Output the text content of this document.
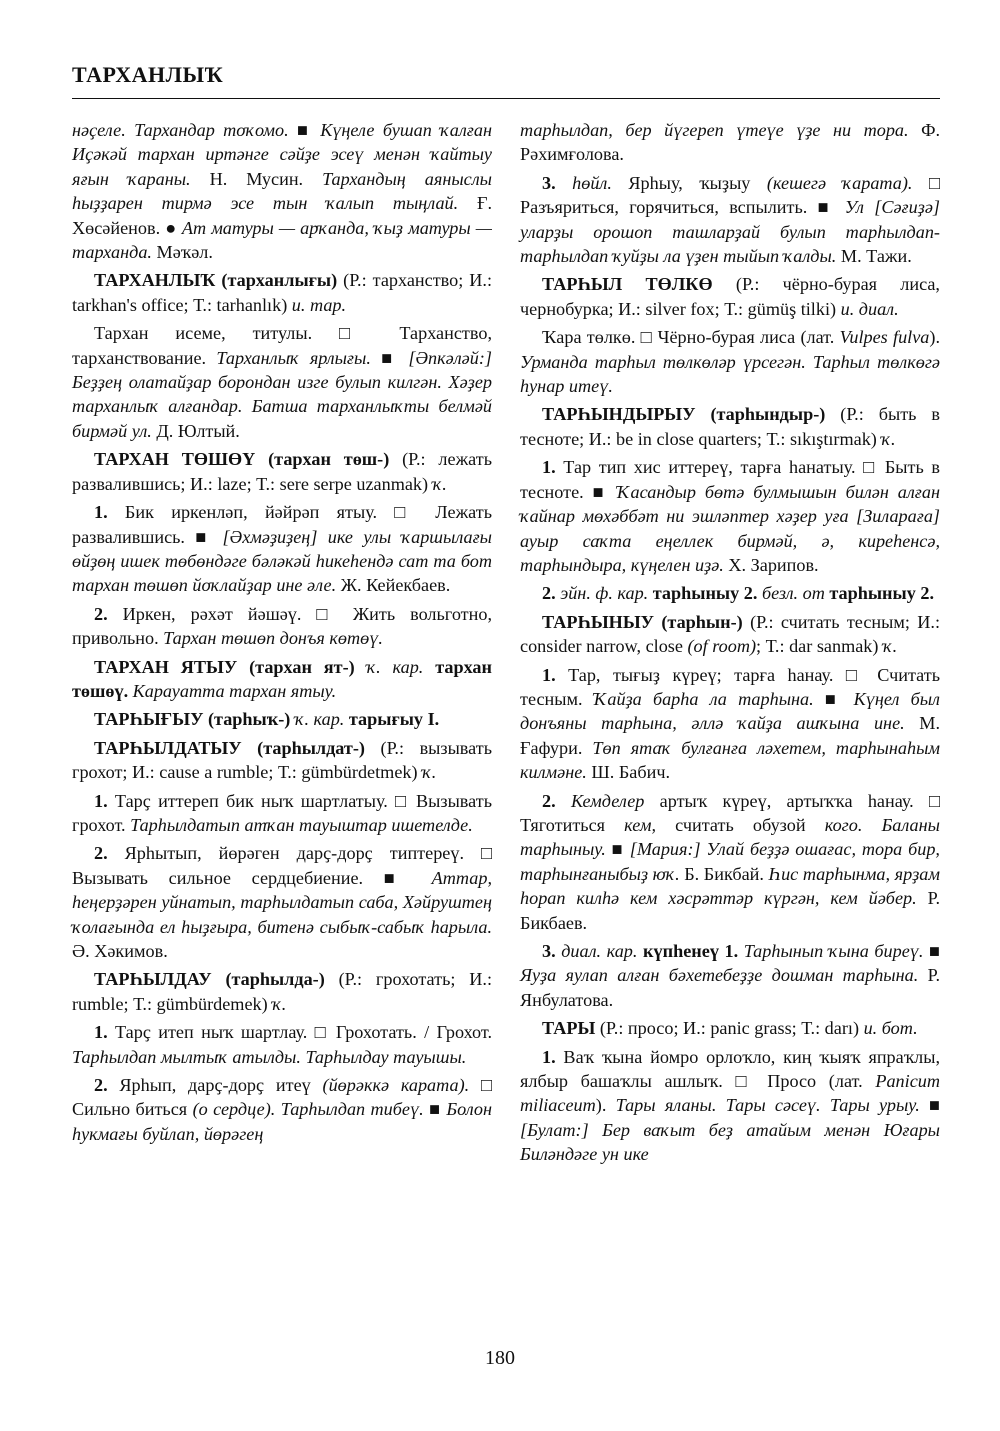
ТАРХАНЛЫҠ

нәҫеле. Тархандар тоҡомо. ■ Күңеле бушап ҡалған Иҫәкәй тархан иртәнге сәйҙе эсеү менән ҡайтыу яғын ҡараны. Н. Мусин. Тархандың аяныслы һыҙҙарен тирмә эсе тын ҡалып тыңлай. Ғ. Хөсәйенов. ● Ат матуры — арҡанда, ҡыҙ матуры — тарханда. Мәҡәл.

ТАРХАНЛЫҠ (тарханлығы) (Р.: тарханство; И.: tarkhan's office; Т.: tarhanlık) и. тар.

Тархан исеме, титулы. □ Тарханство, тарханствование. Тарханлыҡ ярлығы. ■ [Әпкәләй:] Беҙҙең олатайҙар борондан изге булып килгән. Хәҙер тарханлыҡ алғандар. Батша тарханлыҡты белмәй бирмәй ул. Д. Юлтый.

ТАРХАН ТӨШӨҮ (тархан төш-) (Р.: лежать развалившись; И.: laze; Т.: sere serpe uzanmak) ҡ.

1. Бик иркенләп, йәйрәп ятыу. □ Лежать развалившись. ■ [Әхмәҙиҙең] ике улы ҡаршылағы өйҙөң ишек төбөндәге бәләкәй һикеһендә сат та бот тархан төшөп йоҡлайҙар ине әле. Ж. Кейекбаев.

2. Иркен, рәхәт йәшәү. □ Жить вольготно, привольно. Тархан төшөп донъя көтөү.

ТАРХАН ЯТЫУ (тархан ят-) ҡ. кар. тархан төшөү. Карауатта тархан ятыу.

ТАРҺЫҒЫУ (тарһыҡ-) ҡ. кар. тарығыу I.

ТАРҺЫЛДАТЫУ (тарһылдат-) (Р.: вызывать грохот; И.: cause a rumble; Т.: gümbürdetmek) ҡ.

1. Тарҫ иттереп бик ныҡ шартлатыу. □ Вызывать грохот. Тарһылдатып атҡан тауыштар ишетелде.

2. Ярһытып, йөрәген дарҫ-дорҫ типтереү. □ Вызывать сильное сердцебиение. ■ Аттар, һеңерҙәрен уйнатып, тарһылдатып саба, Хәйруштең ҡолағында ел һыҙғыра, битенә сыбыҡ-сабыҡ һарыла. Ә. Хәкимов.

ТАРҺЫЛДАУ (тарһылда-) (Р.: грохотать; И.: rumble; Т.: gümbürdemek) ҡ.

1. Тарҫ итеп ныҡ шартлау. □ Грохотать. / Грохот. Тарһылдап мылтыҡ атылды. Тарһылдау тауышы.

2. Ярһып, дарҫ-дорҫ итеү (йөрәккә карата). □ Сильно биться (о сердце). Тарһылдап тибеү. ■ Болон һукмағы буйлап, йөрәгең

тарһылдап, бер йүгереп үтеүе үҙе ни тора. Ф. Рәхимғолова.

3. һөйл. Ярһыу, ҡыҙыу (кешегә ҡарата). □ Разъяриться, горячиться, вспылить. ■ Ул [Сәғиҙә] уларҙы орошоп ташларҙай булып тарһылдап-тарһылдап ҡуйҙы ла үҙен тыйып ҡалды. М. Тажи.

ТАРҺЫЛ ТӨЛКӨ (Р.: чёрно-бурая лиса, чернобурка; И.: silver fox; Т.: gümüş tilki) и. диал.

Ҡара төлкө. □ Чёрно-бурая лиса (лат. Vulpes fulva). Урманда тарһыл төлкөләр үрсегән. Тарһыл төлкөгә һунар итеү.

ТАРҺЫНДЫРЫУ (тарһындыр-) (Р.: быть в тесноте; И.: be in close quarters; Т.: sıkıştırmak) ҡ.

1. Тар тип хис иттереү, тарға һанатыу. □ Быть в тесноте. ■ Ҡасандыр бөтә булмышын билән алған ҡайнар мөхәббәт ни эшләптер хәҙер уға [Зилараға] ауыр саҡта еңеллек бирмәй, ә, киреһенсә, тарһындыра, күңелен иҙә. Х. Зарипов.

2. эйн. ф. кар. тарһыныу 2. безл. от тарһыныу 2.

ТАРҺЫНЫУ (тарһын-) (Р.: считать тесным; И.: consider narrow, close (of room); Т.: dar sanmak) ҡ.

1. Тар, тығыҙ күреү; тарға һанау. □ Считать тесным. Ҡайҙа барһа ла тарһына. ■ Күңел был донъяны тарһына, әллә ҡайҙа ашҡына ине. М. Ғафури. Төп ятаҡ булғанға ләхетем, тарһынаһым килмәне. Ш. Бабич.

2. Кемделер артыҡ күреү, артыҡҡа һанау. □ Тяготиться кем, считать обузой кого. Баланы тарһыныу. ■ [Мария:] Улай беҙҙә ошағас, тора бир, тарһынғаныбыҙ юҡ. Б. Бикбай. Һис тарһынма, ярҙам һорап килһә кем хәсрәттәр күргән, кем йәбер. Р. Бикбаев.

3. диал. кар. күпһенеү 1. Тарһынып ҡына биреү. ■ Яуҙа яулап алған бәхетебеҙҙе дошман тарһына. Р. Янбулатова.

ТАРЫ (Р.: просо; И.: panic grass; Т.: darı) и. бот.

1. Ваҡ ҡына йомро орлоҡло, киң ҡыяҡ япраҡлы, ялбыр башаҡлы ашлыҡ. □ Просо (лат. Panicum miliaceum). Тары яланы. Тары сәсеү. Тары урыу. ■ [Булат:] Бер ваҡыт беҙ атайым менән Юғары Биләндәге ун ике

180
